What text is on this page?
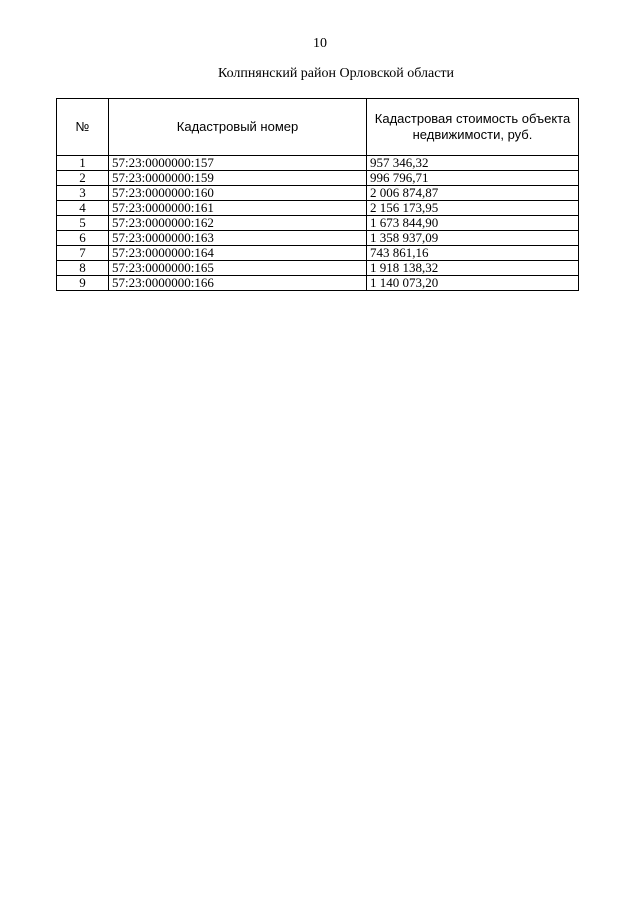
10
Колпнянский район Орловской области
№	Кадастровый номер	Кадастровая стоимость объекта недвижимости, руб.
1	57:23:0000000:157	957 346,32
2	57:23:0000000:159	996 796,71
3	57:23:0000000:160	2 006 874,87
4	57:23:0000000:161	2 156 173,95
5	57:23:0000000:162	1 673 844,90
6	57:23:0000000:163	1 358 937,09
7	57:23:0000000:164	743 861,16
8	57:23:0000000:165	1 918 138,32
9	57:23:0000000:166	1 140 073,20
